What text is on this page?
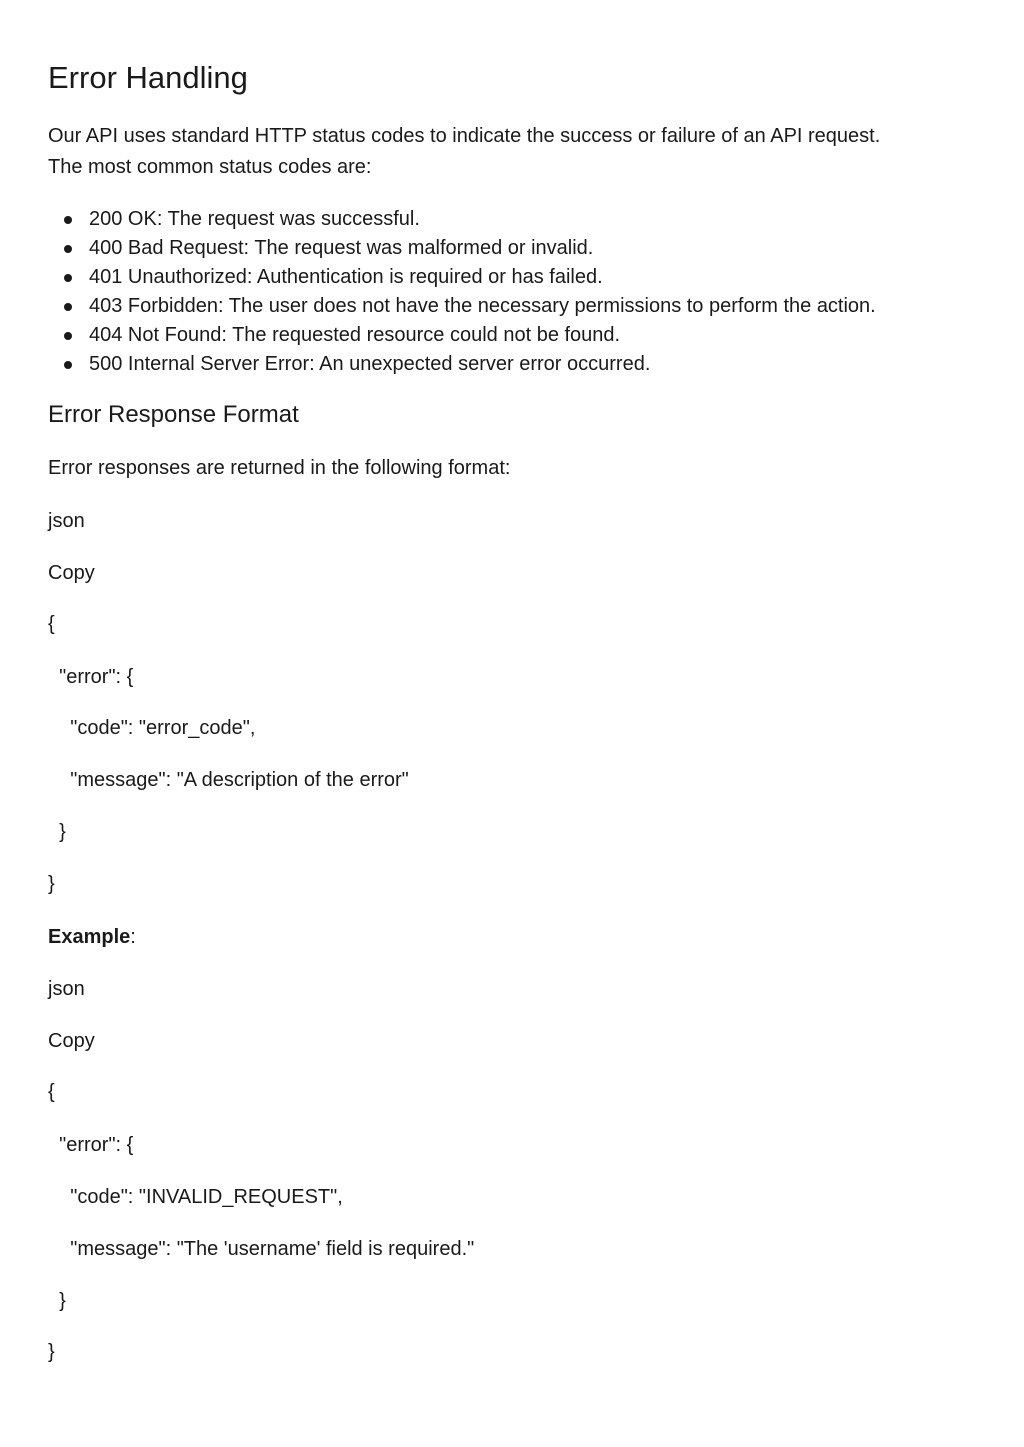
Error Handling
Our API uses standard HTTP status codes to indicate the success or failure of an API request.
The most common status codes are:
200 OK: The request was successful.
400 Bad Request: The request was malformed or invalid.
401 Unauthorized: Authentication is required or has failed.
403 Forbidden: The user does not have the necessary permissions to perform the action.
404 Not Found: The requested resource could not be found.
500 Internal Server Error: An unexpected server error occurred.
Error Response Format
Error responses are returned in the following format:
json
Copy
{
"error": {
"code": "error_code",
"message": "A description of the error"
}
}
Example:
json
Copy
{
"error": {
"code": "INVALID_REQUEST",
"message": "The 'username' field is required."
}
}
